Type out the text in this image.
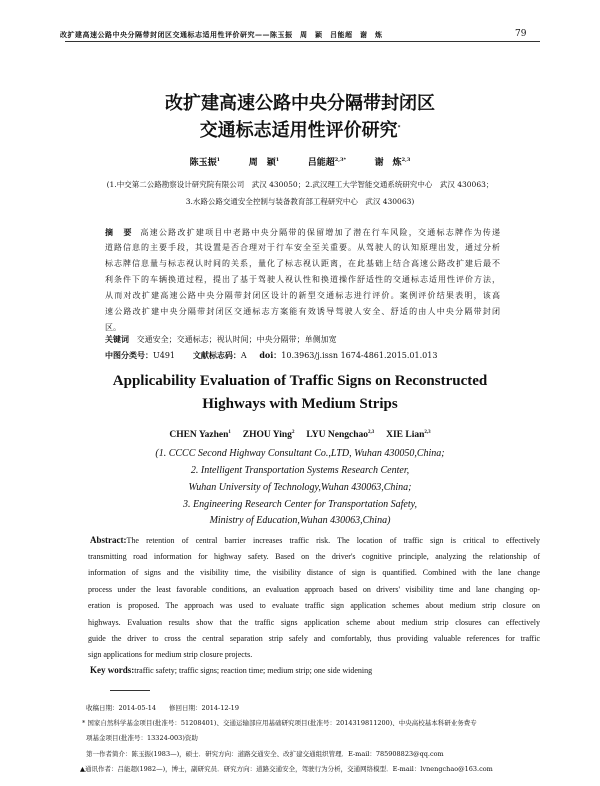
改扩建高速公路中央分隔带封闭区交通标志适用性评价研究——陈玉振　周　颖　吕能超　谢　炼	79
改扩建高速公路中央分隔带封闭区
交通标志适用性评价研究*
陈玉振$^1$	周　颖$^1$	吕能超$^{2,3*}$	谢　炼$^{2,3}$
(1.中交第二公路勘察设计研究院有限公司　武汉 430050；2.武汉理工大学智能交通系统研究中心　武汉 430063；
3.水路公路交通安全控制与装备教育部工程研究中心　武汉 430063)
摘　要 高速公路改扩建项目中老路中央分隔带的保留增加了潜在行车风险，交通标志牌作为传递
道路信息的主要手段，其设置是否合理对于行车安全至关重要。从驾驶人的认知原理出发，通过分析
标志牌信息量与标志视认时间的关系，量化了标志视认距离，在此基础上结合高速公路改扩建后最不
利条件下的车辆换道过程，提出了基于驾驶人视认性和换道操作舒适性的交通标志适用性评价方法，
从而对改扩建高速公路中央分隔带封闭区设计的新型交通标志进行评价。案例评价结果表明，该高
速公路改扩建中央分隔带封闭区交通标志方案能有效诱导驾驶人安全、舒适的由人中央分隔带封闭
区。
关键词 交通安全；交通标志；视认时间；中央分隔带；单侧加宽
中图分类号：U491 文献标志码：A doi：10.3963/j.issn 1674-4861.2015.01.013
Applicability Evaluation of Traffic Signs on Reconstructed
Highways with Medium Strips
CHEN Yazhen$^1$ ZHOU Ying$^2$ LYU Nengchao$^{2,3}$ XIE Lian$^{2,3}$
(1. CCCC Second Highway Consultant Co.,LTD, Wuhan 430050,China;
2. Intelligent Transportation Systems Research Center,
Wuhan University of Technology,Wuhan 430063,China;
3. Engineering Research Center for Transportation Safety,
Ministry of Education,Wuhan 430063,China)
Abstract:The retention of central barrier increases traffic risk. The location of traffic sign is critical to effectively
transmitting road information for highway safety. Based on the driver's cognitive principle, analyzing the relationship of
information of signs and the visibility time, the visibility distance of sign is quantified. Combined with the lane change
process under the least favorable conditions, an evaluation approach based on drivers' visibility time and lane changing op-
eration is proposed. The approach was used to evaluate traffic sign application schemes about medium strip closure on
highways. Evaluation results show that the traffic signs application scheme about medium strip closures can effectively
guide the driver to cross the central separation strip safely and comfortably, thus providing valuable references for traffic
sign applications for medium strip closure projects.
Key words:traffic safety; traffic signs; reaction time; medium strip; one side widening
收稿日期：2014-05-14　　修回日期：2014-12-19
* 国家自然科学基金项目(批准号：51208401)、交通运输部应用基础研究项目(批准号：2014319811200)、中央高校基本科研业务费专
项基金项目(批准号：13324-003)资助
第一作者简介：陈玉振(1983—)，硕士．研究方向：道路交通安全、改扩建交通组织管理．E-mail：785908823@qq.com
▲通讯作者：吕能超(1982—)，博士，副研究员．研究方向：道路交通安全，驾驶行为分析，交通网络模型．E-mail：lvnengchao@163.com
